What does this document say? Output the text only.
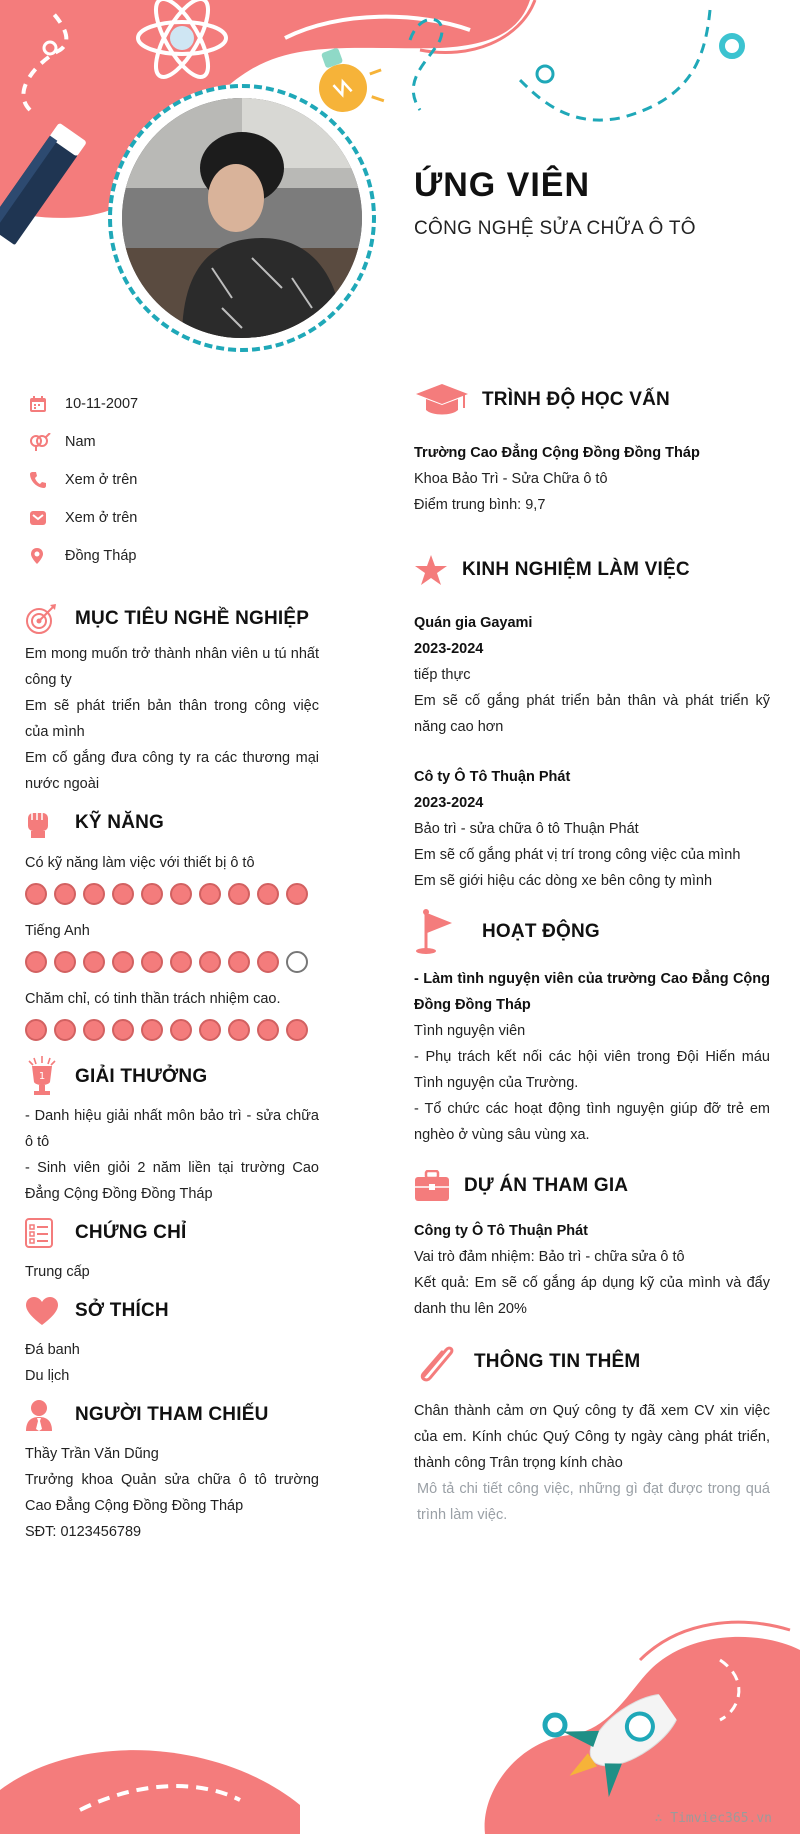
ỨNG VIÊN
CÔNG NGHỆ SỬA CHỮA Ô TÔ
10-11-2007
Nam
Xem ở trên
Xem ở trên
Đồng Tháp
MỤC TIÊU NGHỀ NGHIỆP
Em mong muốn trở thành nhân viên u tú nhất công ty
Em sẽ phát triển bản thân trong công việc của mình
Em cố gắng đưa công ty ra các thương mại nước ngoài
KỸ NĂNG
Có kỹ năng làm việc với thiết bị ô tô
Tiếng Anh
Chăm chỉ, có tinh thần trách nhiệm cao.
1 GIẢI THƯỞNG
- Danh hiệu giải nhất môn bảo trì - sửa chữa ô tô
- Sinh viên giỏi 2 năm liền tại trường Cao Đẳng Cộng Đồng Đồng Tháp
CHỨNG CHỈ
Trung cấp
SỞ THÍCH
Đá banh
Du lịch
NGƯỜI THAM CHIẾU
Thầy Trần Văn Dũng
Trưởng khoa Quản sửa chữa ô tô trường Cao Đẳng Cộng Đồng Đồng Tháp
SĐT: 0123456789
TRÌNH ĐỘ HỌC VẤN
Trường Cao Đẳng Cộng Đồng Đồng Tháp
Khoa Bảo Trì - Sửa Chữa ô tô
Điểm trung bình: 9,7
KINH NGHIỆM LÀM VIỆC
Quán gia Gayami
2023-2024
tiếp thực
Em sẽ cố gắng phát triển bản thân và phát triển kỹ năng cao hơn
Cô ty Ô Tô Thuận Phát
2023-2024
Bảo trì - sửa chữa ô tô Thuận Phát
Em sẽ cố gắng phát vị trí trong công việc của mình
Em sẽ giới hiệu các dòng xe bên công ty mình
HOẠT ĐỘNG
- Làm tình nguyện viên của trường Cao Đẳng Cộng Đồng Đồng Tháp
Tình nguyện viên
- Phụ trách kết nối các hội viên trong Đội Hiến máu Tình nguyện của Trường.
- Tổ chức các hoạt động tình nguyện giúp đỡ trẻ em nghèo ở vùng sâu vùng xa.
DỰ ÁN THAM GIA
Công ty Ô Tô Thuận Phát
Vai trò đảm nhiệm: Bảo trì - chữa sửa ô tô
Kết quả: Em sẽ cố gắng áp dụng kỹ của mình và đẩy danh thu lên 20%
THÔNG TIN THÊM
Chân thành cảm ơn Quý công ty đã xem CV xin việc của em. Kính chúc Quý Công ty ngày càng phát triển, thành công Trân trọng kính chào
Mô tả chi tiết công việc, những gì đạt được trong quá trình làm việc.
∴ Timviec365.vn
